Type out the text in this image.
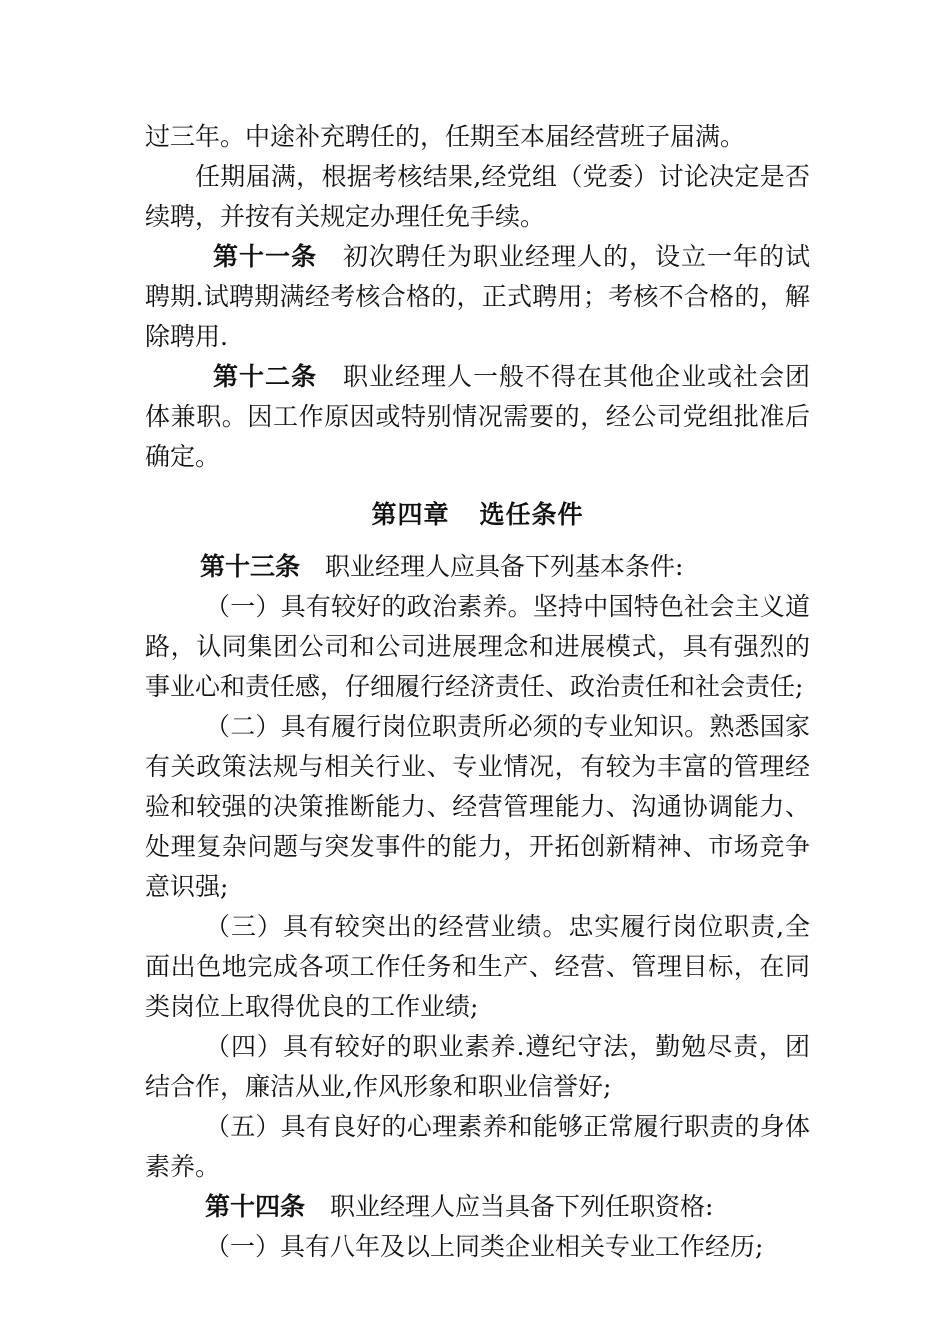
过三年。中途补充聘任的，任期至本届经营班子届满。

任期届满，根据考核结果,经党组（党委）讨论决定是否续聘，并按有关规定办理任免手续。

第十一条 初次聘任为职业经理人的，设立一年的试聘期.试聘期满经考核合格的，正式聘用；考核不合格的，解除聘用.

第十二条 职业经理人一般不得在其他企业或社会团体兼职。因工作原因或特别情况需要的，经公司党组批准后确定。

第四章 选任条件

第十三条 职业经理人应具备下列基本条件:

（一）具有较好的政治素养。坚持中国特色社会主义道路，认同集团公司和公司进展理念和进展模式，具有强烈的事业心和责任感，仔细履行经济责任、政治责任和社会责任;

（二）具有履行岗位职责所必须的专业知识。熟悉国家有关政策法规与相关行业、专业情况，有较为丰富的管理经验和较强的决策推断能力、经营管理能力、沟通协调能力、处理复杂问题与突发事件的能力，开拓创新精神、市场竞争意识强;

（三）具有较突出的经营业绩。忠实履行岗位职责,全面出色地完成各项工作任务和生产、经营、管理目标，在同类岗位上取得优良的工作业绩;

（四）具有较好的职业素养.遵纪守法，勤勉尽责，团结合作，廉洁从业,作风形象和职业信誉好;

（五）具有良好的心理素养和能够正常履行职责的身体素养。

第十四条 职业经理人应当具备下列任职资格:

（一）具有八年及以上同类企业相关专业工作经历;
